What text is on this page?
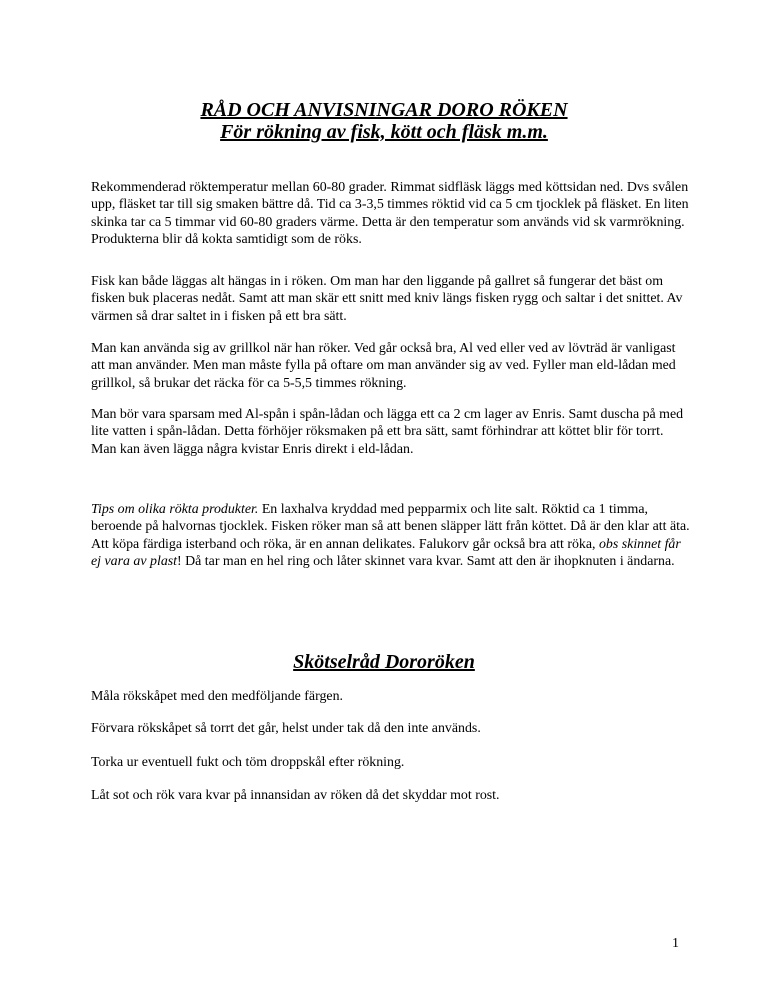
RÅD OCH ANVISNINGAR DORO RÖKEN
För rökning av fisk, kött och fläsk m.m.

Rekommenderad röktemperatur mellan 60-80 grader. Rimmat sidfläsk läggs med köttsidan ned. Dvs svålen upp, fläsket tar till sig smaken bättre då. Tid ca 3-3,5 timmes röktid vid ca 5 cm tjocklek på fläsket. En liten skinka tar ca 5 timmar vid 60-80 graders värme. Detta är den temperatur som används vid sk varmrökning. Produkterna blir då kokta samtidigt som de röks.

Fisk kan både läggas alt hängas in i röken. Om man har den liggande på gallret så fungerar det bäst om fisken buk placeras nedåt. Samt att man skär ett snitt med kniv längs fisken rygg och saltar i det snittet. Av värmen så drar saltet in i fisken på ett bra sätt.

Man kan använda sig av grillkol när han röker. Ved går också bra, Al ved eller ved av lövträd är vanligast att man använder. Men man måste fylla på oftare om man använder sig av ved. Fyller man eld-lådan med grillkol, så brukar det räcka för ca 5-5,5 timmes rökning.

Man bör vara sparsam med Al-spån i spån-lådan och lägga ett ca 2 cm lager av Enris. Samt duscha på med lite vatten i spån-lådan. Detta förhöjer röksmaken på ett bra sätt, samt förhindrar att köttet blir för torrt. Man kan även lägga några kvistar Enris direkt i eld-lådan.

Tips om olika rökta produkter. En laxhalva kryddad med pepparmix och lite salt. Röktid ca 1 timma, beroende på halvornas tjocklek. Fisken röker man så att benen släpper lätt från köttet. Då är den klar att äta. Att köpa färdiga isterband och röka, är en annan delikates. Falukorv går också bra att röka, obs skinnet får ej vara av plast! Då tar man en hel ring och låter skinnet vara kvar. Samt att den är ihopknuten i ändarna.

Skötselråd Dororöken

Måla rökskåpet med den medföljande färgen.

Förvara rökskåpet så torrt det går, helst under tak då den inte används.

Torka ur eventuell fukt och töm droppskål efter rökning.

Låt sot och rök vara kvar på innansidan av röken då det skyddar mot rost.

1
